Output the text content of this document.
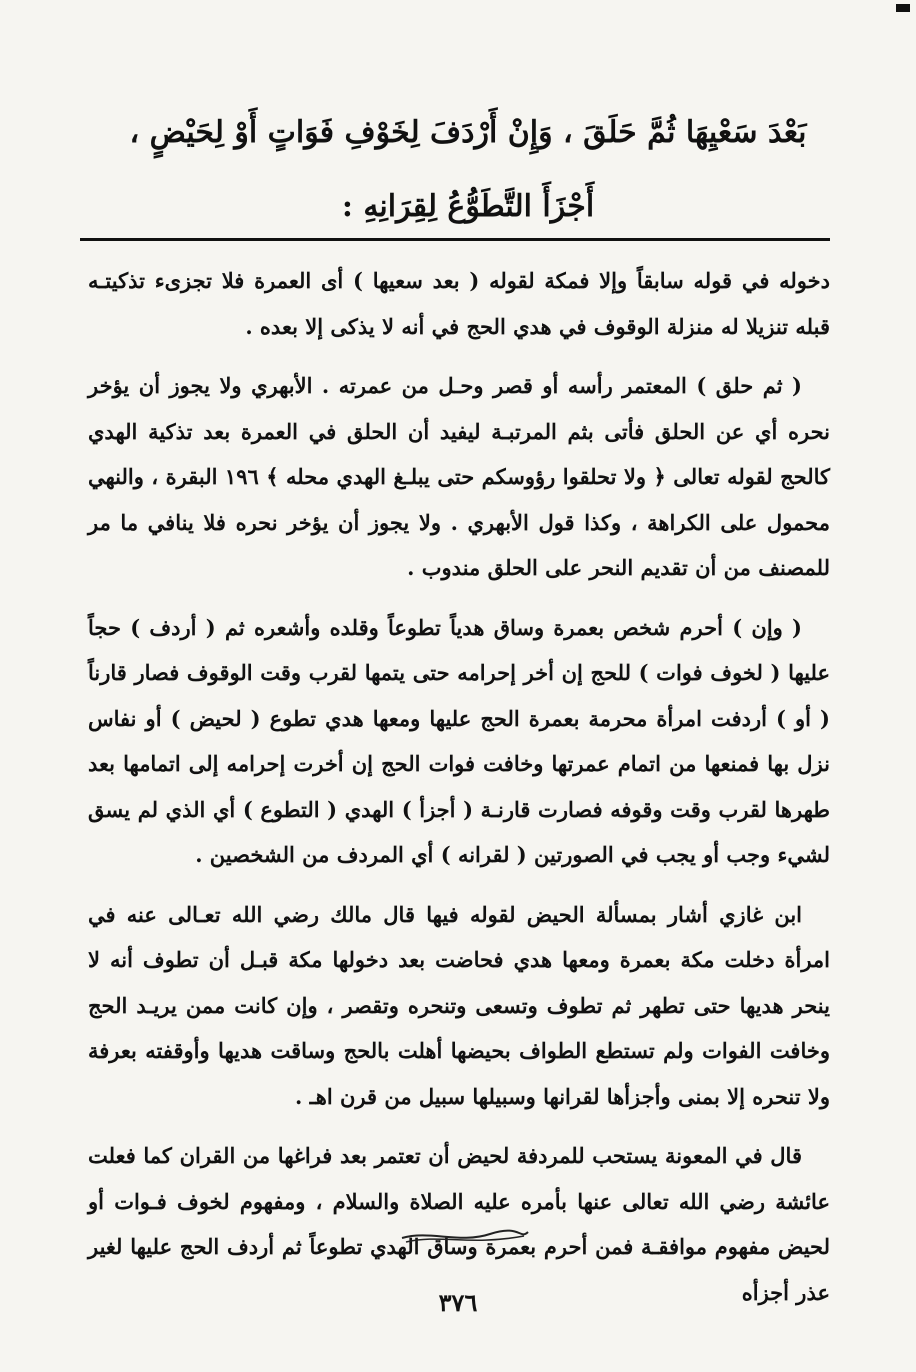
بَعْدَ سَعْيِهَا ثُمَّ حَلَقَ ، وَإِنْ أَرْدَفَ لِخَوْفِ فَوَاتٍ أَوْ لِحَيْضٍ ،
أَجْزَأَ التَّطَوُّعُ لِقِرَانِهِ :

دخوله في قوله سابقاً وإلا فمكة لقوله ( بعد سعيها ) أى العمرة فلا تجزىء تذكيتـه قبله تنزيلا له منزلة الوقوف في هدي الحج في أنه لا يذكى إلا بعده .

( ثم حلق ) المعتمر رأسه أو قصر وحـل من عمرته . الأبهري ولا يجوز أن يؤخر نحره أي عن الحلق فأتى بثم المرتبـة ليفيد أن الحلق في العمرة بعد تذكية الهدي كالحج لقوله تعالى ﴿ ولا تحلقوا رؤوسكم حتى يبلـغ الهدي محله ﴾ ١٩٦ البقرة ، والنهي محمول على الكراهة ، وكذا قول الأبهري . ولا يجوز أن يؤخر نحره فلا ينافي ما مر للمصنف من أن تقديم النحر على الحلق مندوب .

( وإن ) أحرم شخص بعمرة وساق هدياً تطوعاً وقلده وأشعره ثم ( أردف ) حجاً عليها ( لخوف فوات ) للحج إن أخر إحرامه حتى يتمها لقرب وقت الوقوف فصار قارناً ( أو ) أردفت امرأة محرمة بعمرة الحج عليها ومعها هدي تطوع ( لحيض ) أو نفاس نزل بها فمنعها من اتمام عمرتها وخافت فوات الحج إن أخرت إحرامه إلى اتمامها بعد طهرها لقرب وقت وقوفه فصارت قارنـة ( أجزأ ) الهدي ( التطوع ) أي الذي لم يسق لشيء وجب أو يجب في الصورتين ( لقرانه ) أي المردف من الشخصين .

ابن غازي أشار بمسألة الحيض لقوله فيها قال مالك رضي الله تعـالى عنه في امرأة دخلت مكة بعمرة ومعها هدي فحاضت بعد دخولها مكة قبـل أن تطوف أنه لا ينحر هديها حتى تطهر ثم تطوف وتسعى وتنحره وتقصر ، وإن كانت ممن يريـد الحج وخافت الفوات ولم تستطع الطواف بحيضها أهلت بالحج وساقت هديها وأوقفته بعرفة ولا تنحره إلا بمنى وأجزأها لقرانها وسبيلها سبيل من قرن اهـ .

قال في المعونة يستحب للمردفة لحيض أن تعتمر بعد فراغها من القران كما فعلت عائشة رضي الله تعالى عنها بأمره عليه الصلاة والسلام ، ومفهوم لخوف فـوات أو لحيض مفهوم موافقـة فمن أحرم بعمرة وساق الهدي تطوعاً ثم أردف الحج عليها لغير عذر أجزأه

٣٧٦
